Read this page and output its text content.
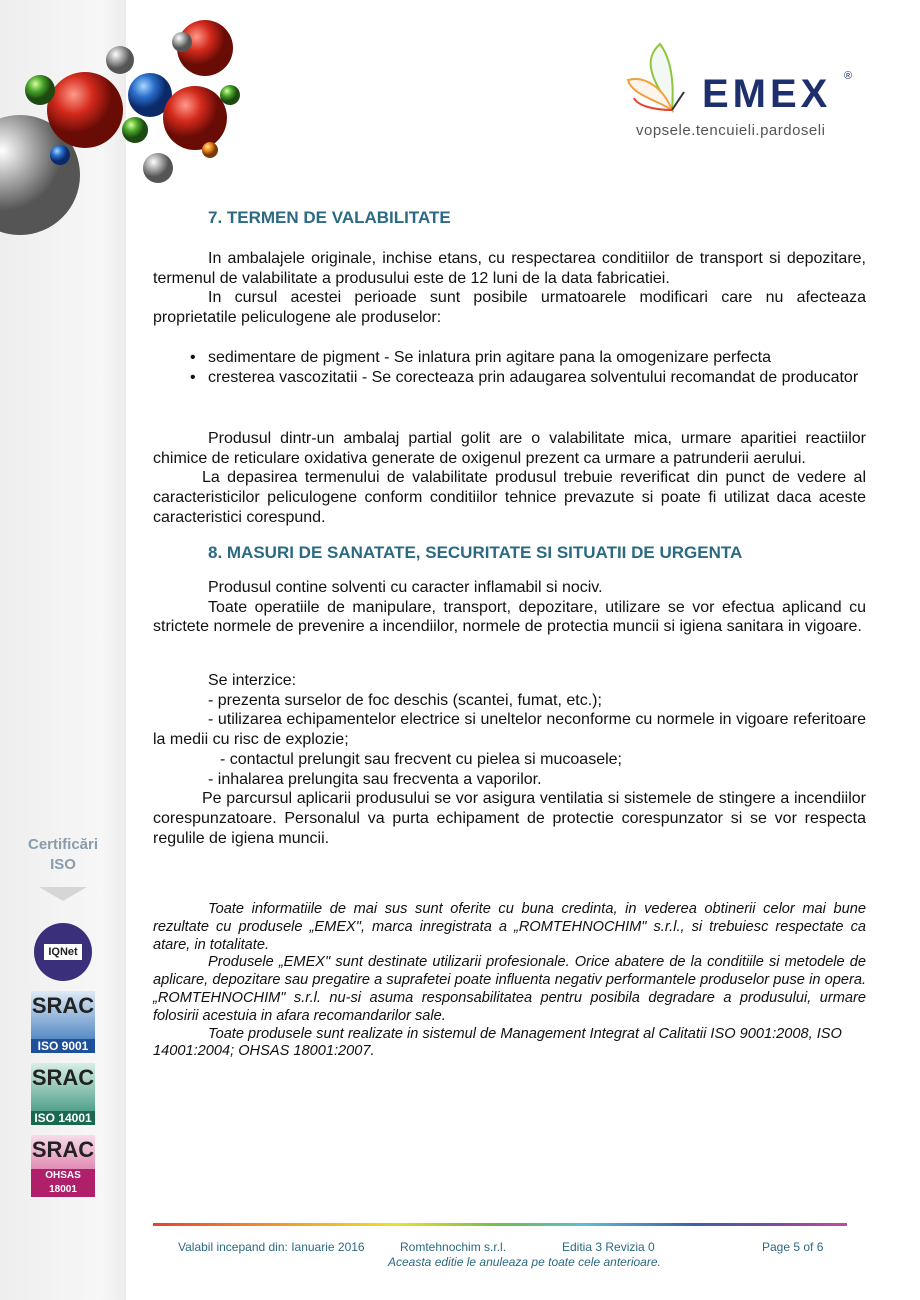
EMEX ®
vopsele.tencuieli.pardoseli
7. TERMEN DE VALABILITATE

In ambalajele originale, inchise etans, cu respectarea conditiilor de transport si depozitare, termenul de valabilitate a produsului este de 12 luni de la data fabricatiei.

In cursul acestei perioade sunt posibile urmatoarele modificari care nu afecteaza proprietatile peliculogene ale produselor:

• sedimentare de pigment - Se inlatura prin agitare pana la omogenizare perfecta

• cresterea vascozitatii - Se corecteaza prin adaugarea solventului recomandat de producator

Produsul dintr-un ambalaj partial golit are o valabilitate mica, urmare aparitiei reactiilor chimice de reticulare oxidativa generate de oxigenul prezent ca urmare a patrunderii aerului.

La depasirea termenului de valabilitate produsul trebuie reverificat din punct de vedere al caracteristicilor peliculogene conform conditiilor tehnice prevazute si poate fi utilizat daca aceste caracteristici corespund.

8. MASURI DE SANATATE, SECURITATE SI SITUATII DE URGENTA

Produsul contine solventi cu caracter inflamabil si nociv.

Toate operatiile de manipulare, transport, depozitare, utilizare se vor efectua aplicand cu strictete normele de prevenire a incendiilor, normele de protectia muncii si igiena sanitara in vigoare.

Se interzice:

- prezenta surselor de foc deschis (scantei, fumat, etc.);

- utilizarea echipamentelor electrice si uneltelor neconforme cu normele in vigoare referitoare la medii cu risc de explozie;

- contactul prelungit sau frecvent cu pielea si mucoasele;

- inhalarea prelungita sau frecventa a vaporilor.

Pe parcursul aplicarii produsului se vor asigura ventilatia si sistemele de stingere a incendiilor corespunzatoare. Personalul va purta echipament de protectie corespunzator si se vor respecta regulile de igiena muncii.

Toate informatiile de mai sus sunt oferite cu buna credinta, in vederea obtinerii celor mai bune rezultate cu produsele „EMEX", marca inregistrata a „ROMTEHNOCHIM" s.r.l., si trebuiesc respectate ca atare, in totalitate.

Produsele „EMEX" sunt destinate utilizarii profesionale. Orice abatere de la conditiile si metodele de aplicare, depozitare sau pregatire a suprafetei poate influenta negativ performantele produselor puse in opera. „ROMTEHNOCHIM" s.r.l. nu-si asuma responsabilitatea pentru posibila degradare a produsului, urmare folosirii acestuia in afara recomandarilor sale.

Toate produsele sunt realizate in sistemul de Management Integrat al Calitatii ISO 9001:2008, ISO 14001:2004; OHSAS 18001:2007.

Certificări
ISO
IQNet
SRAC
ISO 9001
SRAC
ISO 14001
SRAC
OHSAS 18001
Valabil incepand din: Ianuarie 2016	Romtehnochim s.r.l.	Editia 3 Revizia 0	Page 5 of 6
Aceasta editie le anuleaza pe toate cele anterioare.
